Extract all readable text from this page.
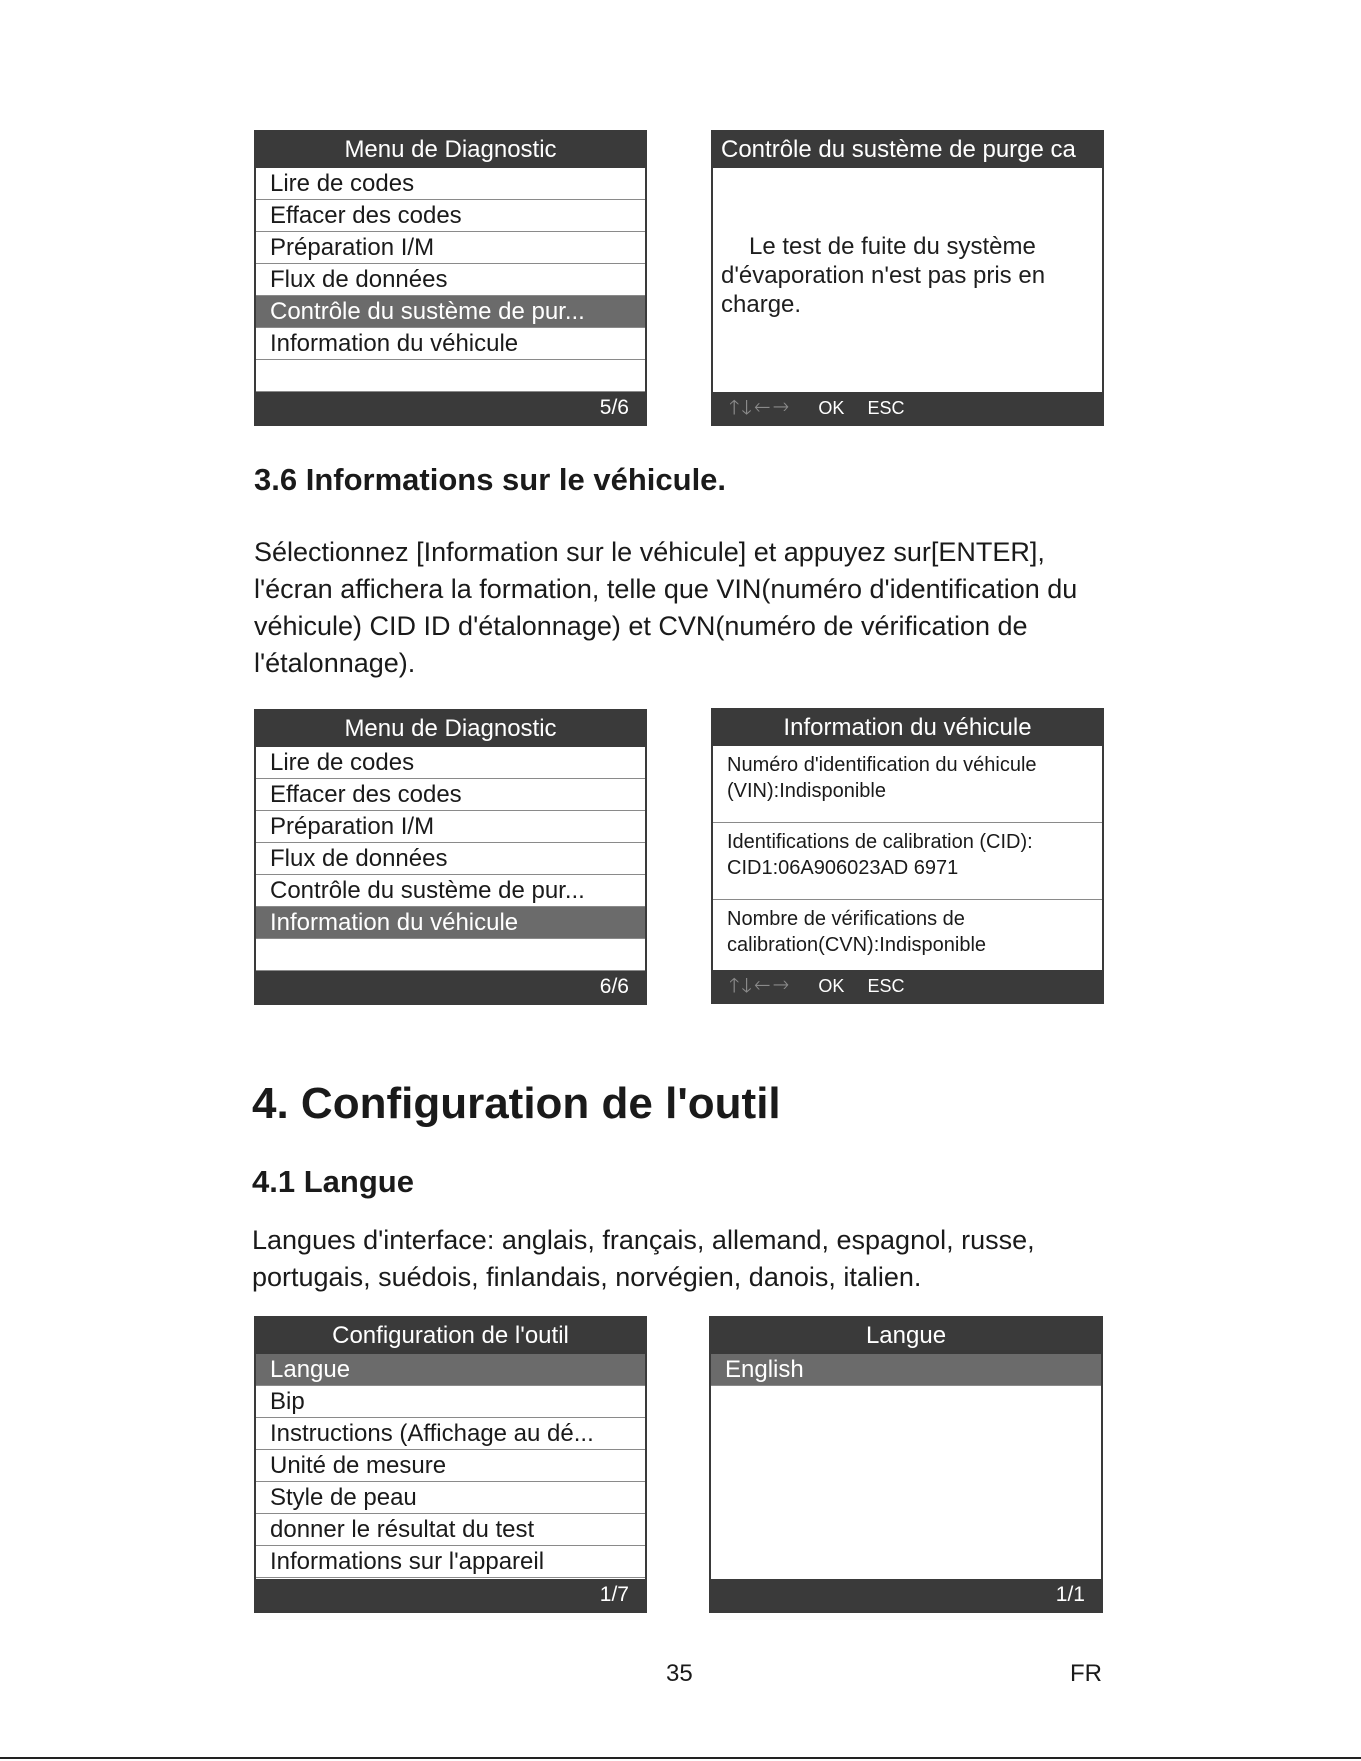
Menu de Diagnostic
Lire de codes
Effacer des codes
Préparation I/M
Flux de données
Contrôle du sustème de pur...
Information du véhicule
5/6
Contrôle du sustème de purge ca
Le test de fuite du système d'évaporation n'est pas pris en charge.
🡑🡓🡐🡒 OK ESC
3.6 Informations sur le véhicule.

Sélectionnez [Information sur le véhicule] et appuyez sur[ENTER], l'écran affichera la formation, telle que VIN(numéro d'identification du véhicule) CID ID d'étalonnage) et CVN(numéro de vérification de l'étalonnage).

Menu de Diagnostic
Lire de codes
Effacer des codes
Préparation I/M
Flux de données
Contrôle du sustème de pur...
Information du véhicule
6/6
Information du véhicule
Numéro d'identification du véhicule
(VIN):Indisponible
Identifications de calibration (CID):
CID1:06A906023AD 6971
Nombre de vérifications de
calibration(CVN):Indisponible
🡑🡓🡐🡒 OK ESC
4. Configuration de l'outil
4.1 Langue

Langues d'interface: anglais, français, allemand, espagnol, russe, portugais, suédois, finlandais, norvégien, danois, italien.

Configuration de l'outil
Langue
Bip
Instructions (Affichage au dé...
Unité de mesure
Style de peau
donner le résultat du test
Informations sur l'appareil
1/7
Langue
English
1/1
35	FR
